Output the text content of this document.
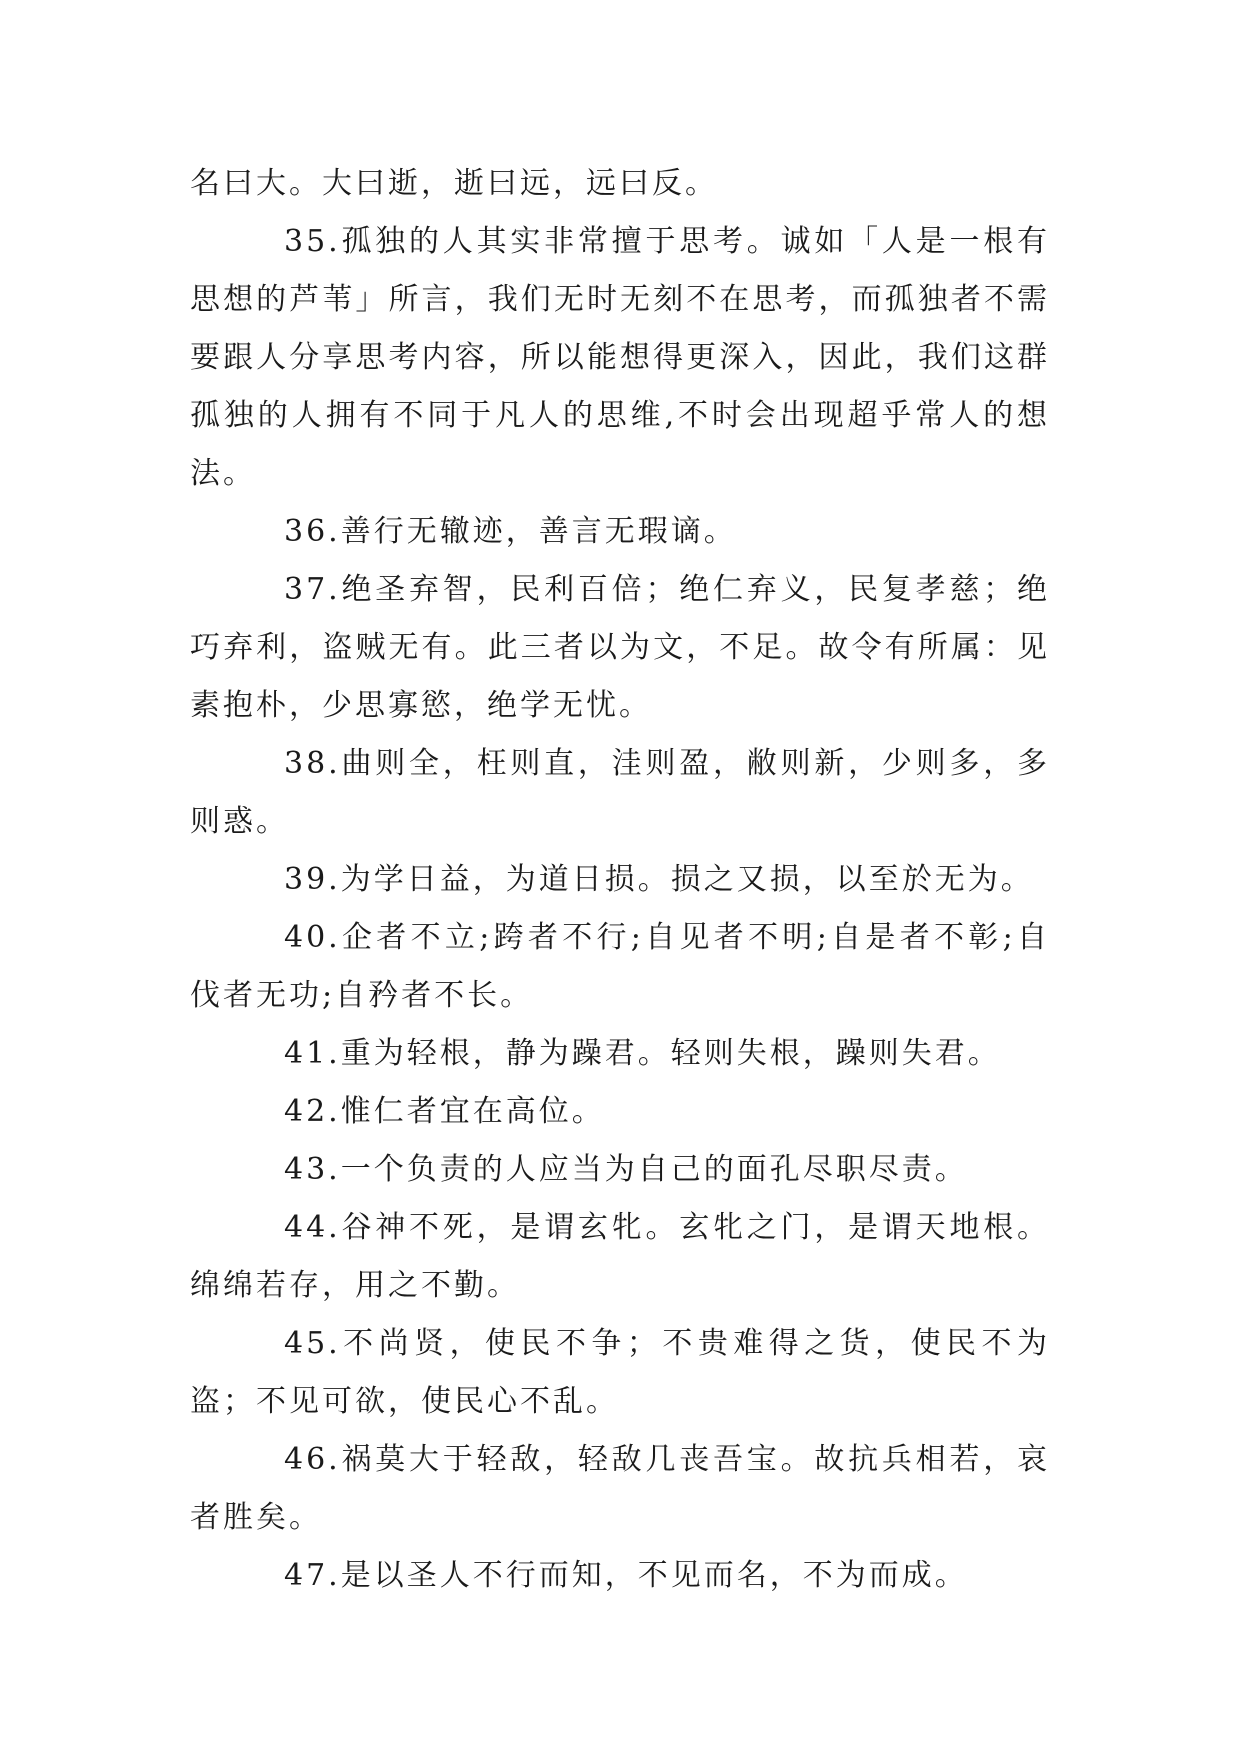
名曰大。大曰逝，逝曰远，远曰反。

35.孤独的人其实非常擅于思考。诚如「人是一根有思想的芦苇」所言，我们无时无刻不在思考，而孤独者不需要跟人分享思考内容，所以能想得更深入，因此，我们这群孤独的人拥有不同于凡人的思维,不时会出现超乎常人的想法。

36.善行无辙迹，善言无瑕谪。

37.绝圣弃智，民利百倍；绝仁弃义，民复孝慈；绝巧弃利，盗贼无有。此三者以为文，不足。故令有所属：见素抱朴，少思寡慾，绝学无忧。

38.曲则全，枉则直，洼则盈，敝则新，少则多，多则惑。

39.为学日益，为道日损。损之又损，以至於无为。

40.企者不立;跨者不行;自见者不明;自是者不彰;自伐者无功;自矜者不长。

41.重为轻根，静为躁君。轻则失根，躁则失君。

42.惟仁者宜在高位。

43.一个负责的人应当为自己的面孔尽职尽责。

44.谷神不死，是谓玄牝。玄牝之门，是谓天地根。绵绵若存，用之不勤。

45.不尚贤，使民不争；不贵难得之货，使民不为盗；不见可欲，使民心不乱。

46.祸莫大于轻敌，轻敌几丧吾宝。故抗兵相若，哀者胜矣。

47.是以圣人不行而知，不见而名，不为而成。
